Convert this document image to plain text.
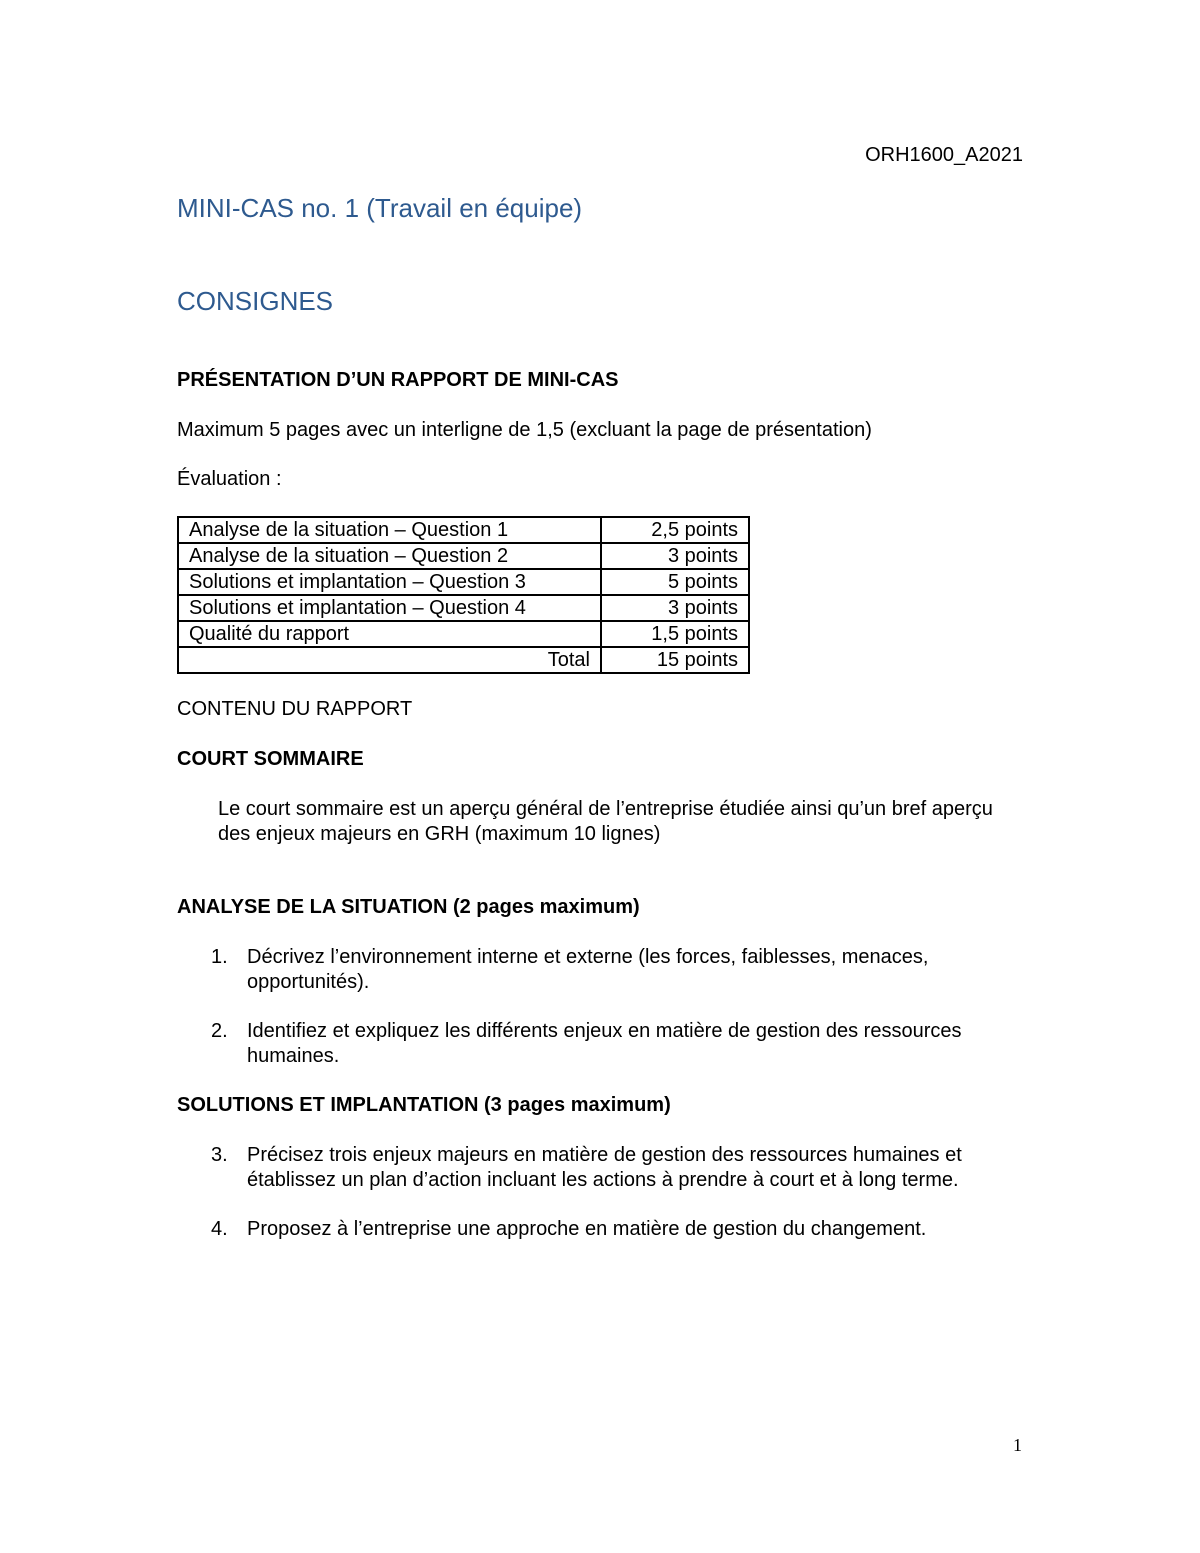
ORH1600_A2021

MINI-CAS no. 1 (Travail en équipe)
CONSIGNES

PRÉSENTATION D’UN RAPPORT DE MINI-CAS

Maximum 5 pages avec un interligne de 1,5 (excluant la page de présentation)

Évaluation :

Analyse de la situation – Question 1	2,5 points
Analyse de la situation – Question 2	3 points
Solutions et implantation – Question 3	5 points
Solutions et implantation – Question 4	3 points
Qualité du rapport	1,5 points
Total	15 points

CONTENU DU RAPPORT

COURT SOMMAIRE

Le court sommaire est un aperçu général de l’entreprise étudiée ainsi qu’un bref aperçu des enjeux majeurs en GRH (maximum 10 lignes)

ANALYSE DE LA SITUATION (2 pages maximum)

1. Décrivez l’environnement interne et externe (les forces, faiblesses, menaces, opportunités).
2. Identifiez et expliquez les différents enjeux en matière de gestion des ressources humaines.

SOLUTIONS ET IMPLANTATION (3 pages maximum)

3. Précisez trois enjeux majeurs en matière de gestion des ressources humaines et établissez un plan d’action incluant les actions à prendre à court et à long terme.
4. Proposez à l’entreprise une approche en matière de gestion du changement.

1
